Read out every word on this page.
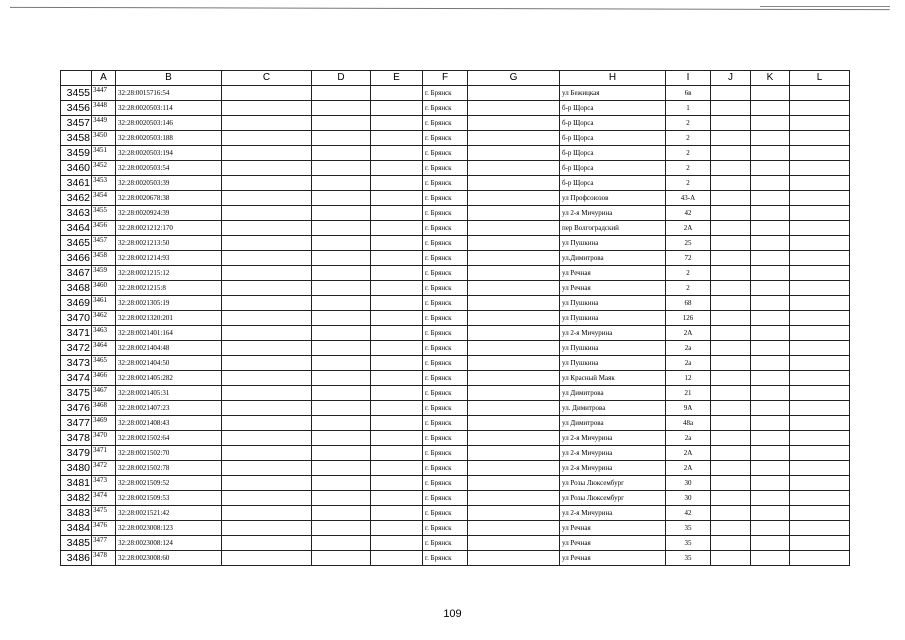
	A	B	C	D	E	F	G	H	I	J	K	L
3455	3447	32:28:0015716:54				г. Брянск		ул Бежицкая	6в			
3456	3448	32:28:0020503:114				г. Брянск		б-р Щорса	1			
3457	3449	32:28:0020503:146				г. Брянск		б-р Щорса	2			
3458	3450	32:28:0020503:188				г. Брянск		б-р Щорса	2			
3459	3451	32:28:0020503:194				г. Брянск		б-р Щорса	2			
3460	3452	32:28:0020503:54				г. Брянск		б-р Щорса	2			
3461	3453	32:28:0020503:39				г. Брянск		б-р Щорса	2			
3462	3454	32:28:0020678:38				г. Брянск		ул Профсоюзов	43-А			
3463	3455	32:28:0020924:39				г. Брянск		ул 2-я Мичурина	42			
3464	3456	32:28:0021212:170				г. Брянск		пер Волгоградский	2А			
3465	3457	32:28:0021213:50				г. Брянск		ул Пушкина	25			
3466	3458	32:28:0021214:93				г. Брянск		ул.Димитрова	72			
3467	3459	32:28:0021215:12				г. Брянск		ул Речная	2			
3468	3460	32:28:0021215:8				г. Брянск		ул Речная	2			
3469	3461	32:28:0021305:19				г. Брянск		ул Пушкина	68			
3470	3462	32:28:0021320:201				г. Брянск		ул Пушкина	126			
3471	3463	32:28:0021401:164				г. Брянск		ул 2-я Мичурина	2А			
3472	3464	32:28:0021404:48				г. Брянск		ул Пушкина	2а			
3473	3465	32:28:0021404:50				г. Брянск		ул Пушкина	2а			
3474	3466	32:28:0021405:282				г. Брянск		ул Красный Маяк	12			
3475	3467	32:28:0021405:31				г. Брянск		ул Димитрова	21			
3476	3468	32:28:0021407:23				г. Брянск		ул. Димитрова	9А			
3477	3469	32:28:0021408:43				г. Брянск		ул Димитрова	48а			
3478	3470	32:28:0021502:64				г. Брянск		ул 2-я Мичурина	2а			
3479	3471	32:28:0021502:70				г. Брянск		ул 2-я Мичурина	2А			
3480	3472	32:28:0021502:78				г. Брянск		ул 2-я Мичурина	2А			
3481	3473	32:28:0021509:52				г. Брянск		ул Розы Люксембург	30			
3482	3474	32:28:0021509:53				г. Брянск		ул Розы Люксембург	30			
3483	3475	32:28:0021521:42				г. Брянск		ул 2-я Мичурина	42			
3484	3476	32:28:0023008:123				г. Брянск		ул Речная	35			
3485	3477	32:28:0023008:124				г. Брянск		ул Речная	35			
3486	3478	32:28:0023008:60				г. Брянск		ул Речная	35			
109
